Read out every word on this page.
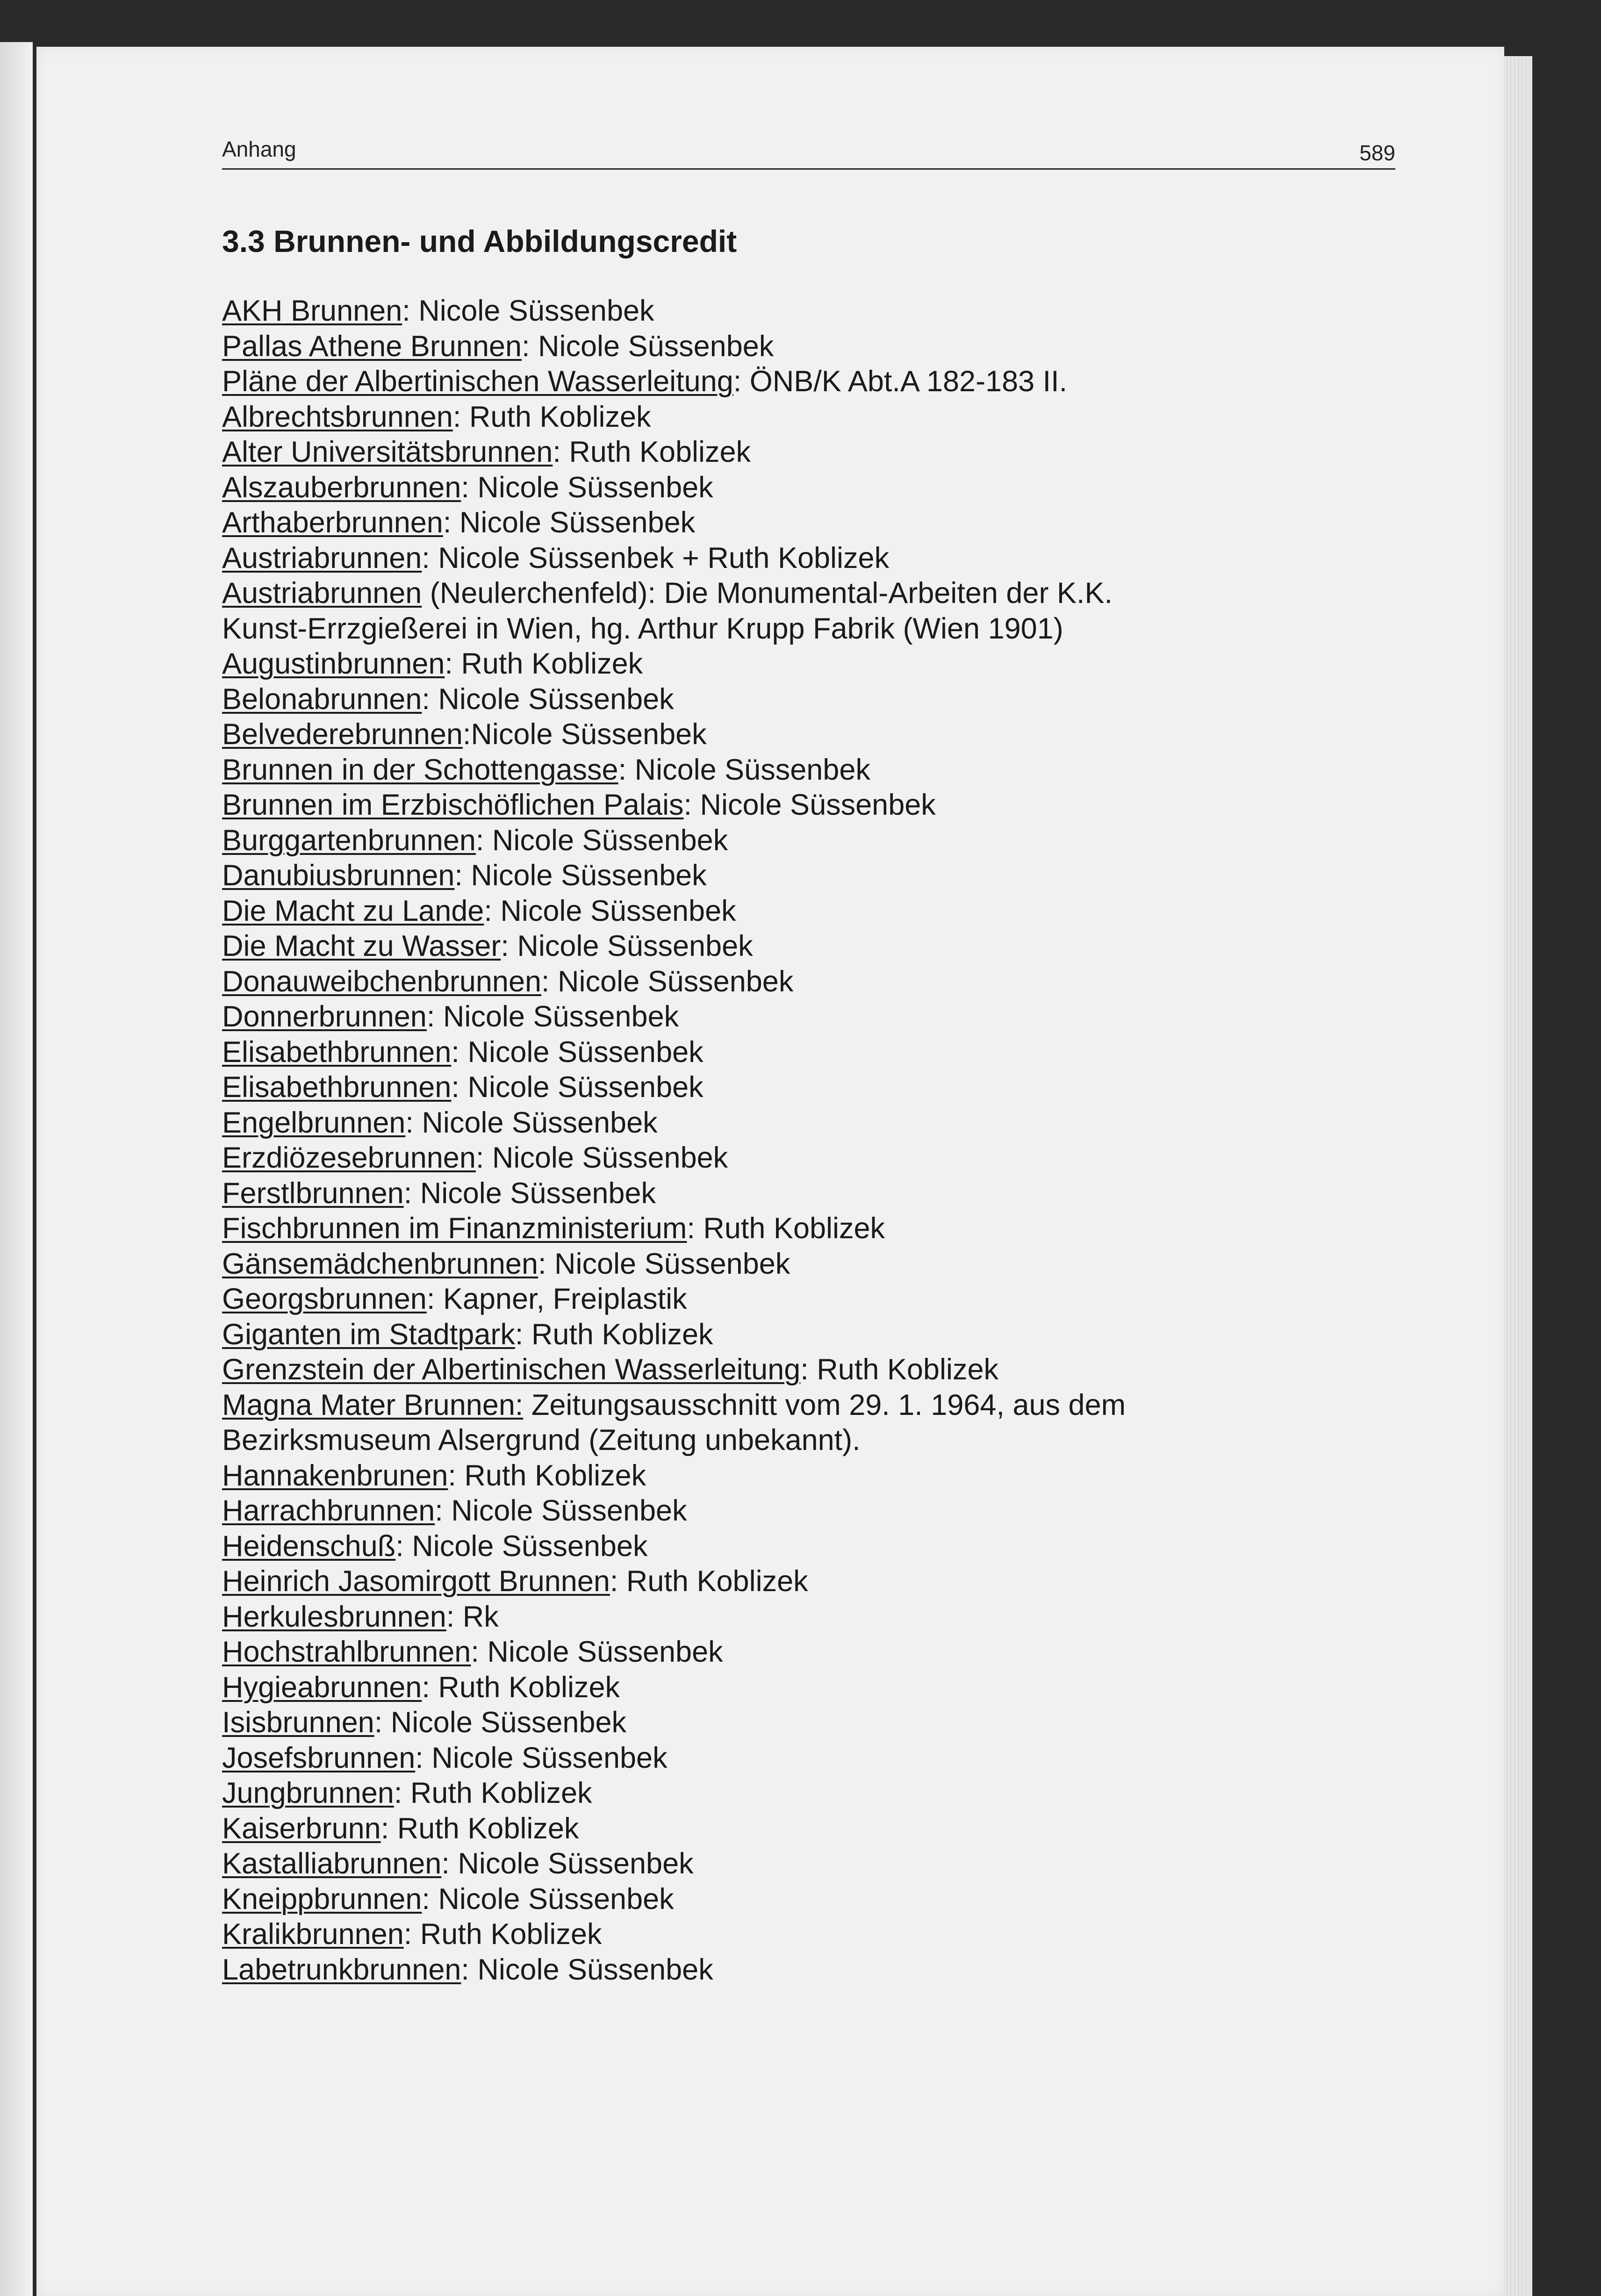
Anhang	589
3.3 Brunnen- und Abbildungscredit
AKH Brunnen: Nicole Süssenbek
Pallas Athene Brunnen: Nicole Süssenbek
Pläne der Albertinischen Wasserleitung: ÖNB/K Abt.A 182-183 II.
Albrechtsbrunnen: Ruth Koblizek
Alter Universitätsbrunnen: Ruth Koblizek
Alszauberbrunnen: Nicole Süssenbek
Arthaberbrunnen: Nicole Süssenbek
Austriabrunnen: Nicole Süssenbek + Ruth Koblizek
Austriabrunnen (Neulerchenfeld): Die Monumental-Arbeiten der K.K.
Kunst-Errzgießerei in Wien, hg. Arthur Krupp Fabrik (Wien 1901)
Augustinbrunnen: Ruth Koblizek
Belonabrunnen: Nicole Süssenbek
Belvederebrunnen:Nicole Süssenbek
Brunnen in der Schottengasse: Nicole Süssenbek
Brunnen im Erzbischöflichen Palais: Nicole Süssenbek
Burggartenbrunnen: Nicole Süssenbek
Danubiusbrunnen: Nicole Süssenbek
Die Macht zu Lande: Nicole Süssenbek
Die Macht zu Wasser: Nicole Süssenbek
Donauweibchenbrunnen: Nicole Süssenbek
Donnerbrunnen: Nicole Süssenbek
Elisabethbrunnen: Nicole Süssenbek
Elisabethbrunnen: Nicole Süssenbek
Engelbrunnen: Nicole Süssenbek
Erzdiözesebrunnen: Nicole Süssenbek
Ferstlbrunnen: Nicole Süssenbek
Fischbrunnen im Finanzministerium: Ruth Koblizek
Gänsemädchenbrunnen: Nicole Süssenbek
Georgsbrunnen: Kapner, Freiplastik
Giganten im Stadtpark: Ruth Koblizek
Grenzstein der Albertinischen Wasserleitung: Ruth Koblizek
Magna Mater Brunnen: Zeitungsausschnitt vom 29. 1. 1964, aus dem
Bezirksmuseum Alsergrund (Zeitung unbekannt).
Hannakenbrunen: Ruth Koblizek
Harrachbrunnen: Nicole Süssenbek
Heidenschuß: Nicole Süssenbek
Heinrich Jasomirgott Brunnen: Ruth Koblizek
Herkulesbrunnen: Rk
Hochstrahlbrunnen: Nicole Süssenbek
Hygieabrunnen: Ruth Koblizek
Isisbrunnen: Nicole Süssenbek
Josefsbrunnen: Nicole Süssenbek
Jungbrunnen: Ruth Koblizek
Kaiserbrunn: Ruth Koblizek
Kastalliabrunnen: Nicole Süssenbek
Kneippbrunnen: Nicole Süssenbek
Kralikbrunnen: Ruth Koblizek
Labetrunkbrunnen: Nicole Süssenbek
